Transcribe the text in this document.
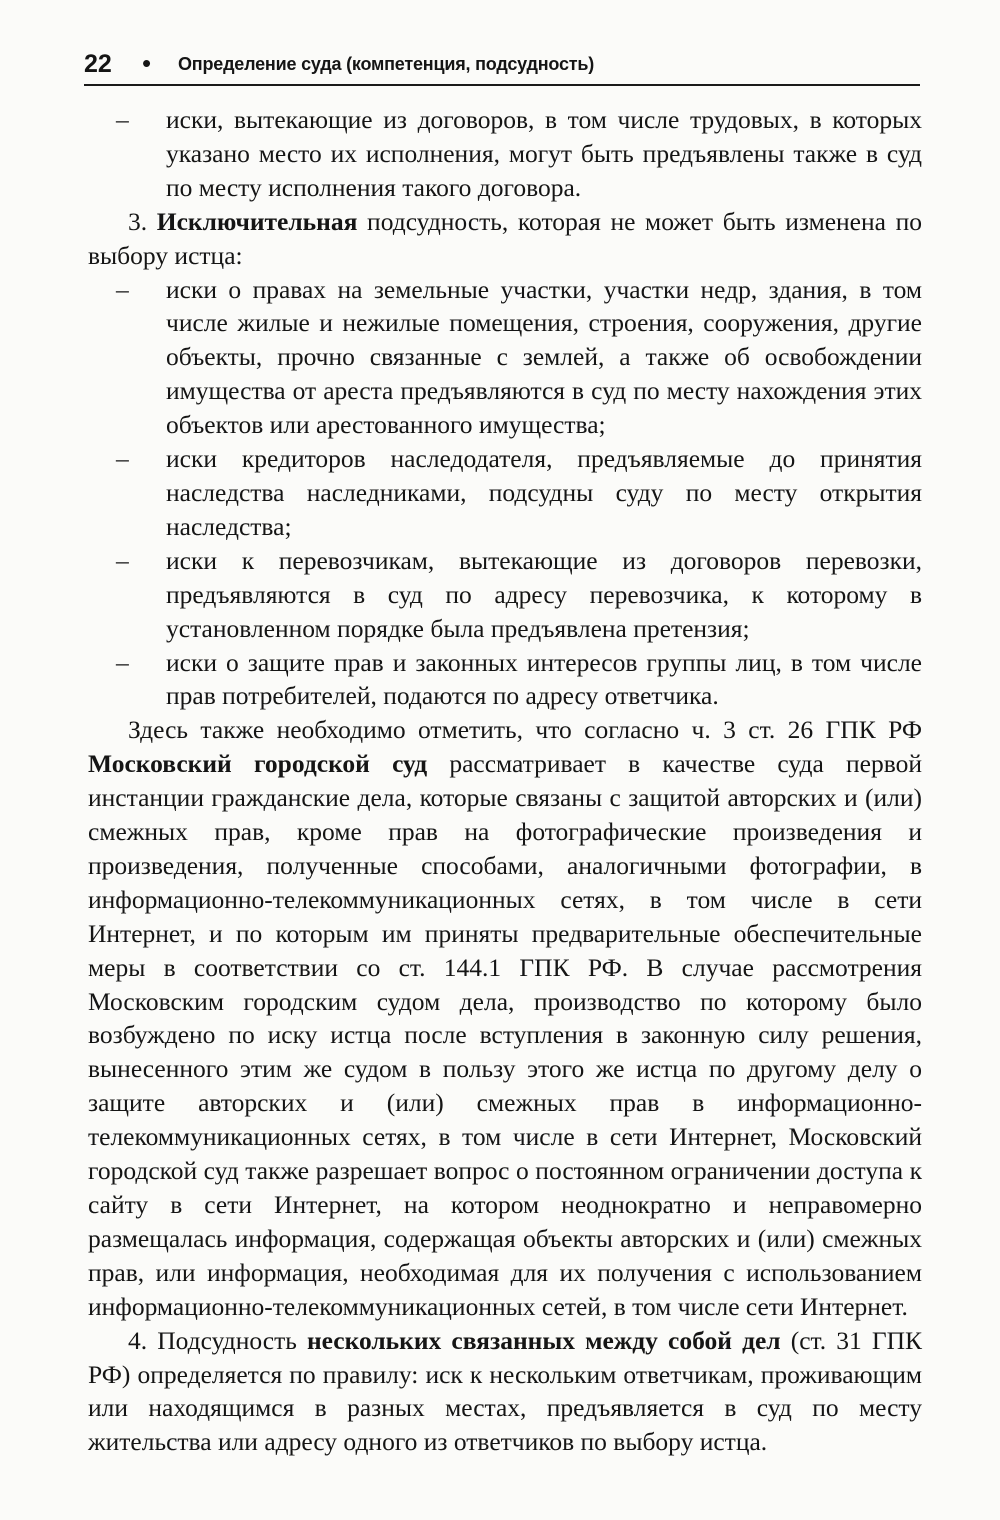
22 • Определение суда (компетенция, подсудность)
– иски, вытекающие из договоров, в том числе трудовых, в которых указано место их исполнения, могут быть предъявлены также в суд по месту исполнения такого договора.

3. Исключительная подсудность, которая не может быть изменена по выбору истца:

– иски о правах на земельные участки, участки недр, здания, в том числе жилые и нежилые помещения, строения, сооружения, другие объекты, прочно связанные с землей, а также об освобождении имущества от ареста предъявляются в суд по месту нахождения этих объектов или арестованного имущества;
– иски кредиторов наследодателя, предъявляемые до принятия наследства наследниками, подсудны суду по месту открытия наследства;
– иски к перевозчикам, вытекающие из договоров перевозки, предъявляются в суд по адресу перевозчика, к которому в установленном порядке была предъявлена претензия;
– иски о защите прав и законных интересов группы лиц, в том числе прав потребителей, подаются по адресу ответчика.

Здесь также необходимо отметить, что согласно ч. 3 ст. 26 ГПК РФ Московский городской суд рассматривает в качестве суда первой инстанции гражданские дела, которые связаны с защитой авторских и (или) смежных прав, кроме прав на фотографические произведения и произведения, полученные способами, аналогичными фотографии, в информационно-телекоммуникационных сетях, в том числе в сети Интернет, и по которым им приняты предварительные обеспечительные меры в соответствии со ст. 144.1 ГПК РФ. В случае рассмотрения Московским городским судом дела, производство по которому было возбуждено по иску истца после вступления в законную силу решения, вынесенного этим же судом в пользу этого же истца по другому делу о защите авторских и (или) смежных прав в информационно-телекоммуникационных сетях, в том числе в сети Интернет, Московский городской суд также разрешает вопрос о постоянном ограничении доступа к сайту в сети Интернет, на котором неоднократно и неправомерно размещалась информация, содержащая объекты авторских и (или) смежных прав, или информация, необходимая для их получения с использованием информационно-телекоммуникационных сетей, в том числе сети Интернет.

4. Подсудность нескольких связанных между собой дел (ст. 31 ГПК РФ) определяется по правилу: иск к нескольким ответчикам, проживающим или находящимся в разных местах, предъявляется в суд по месту жительства или адресу одного из ответчиков по выбору истца.
